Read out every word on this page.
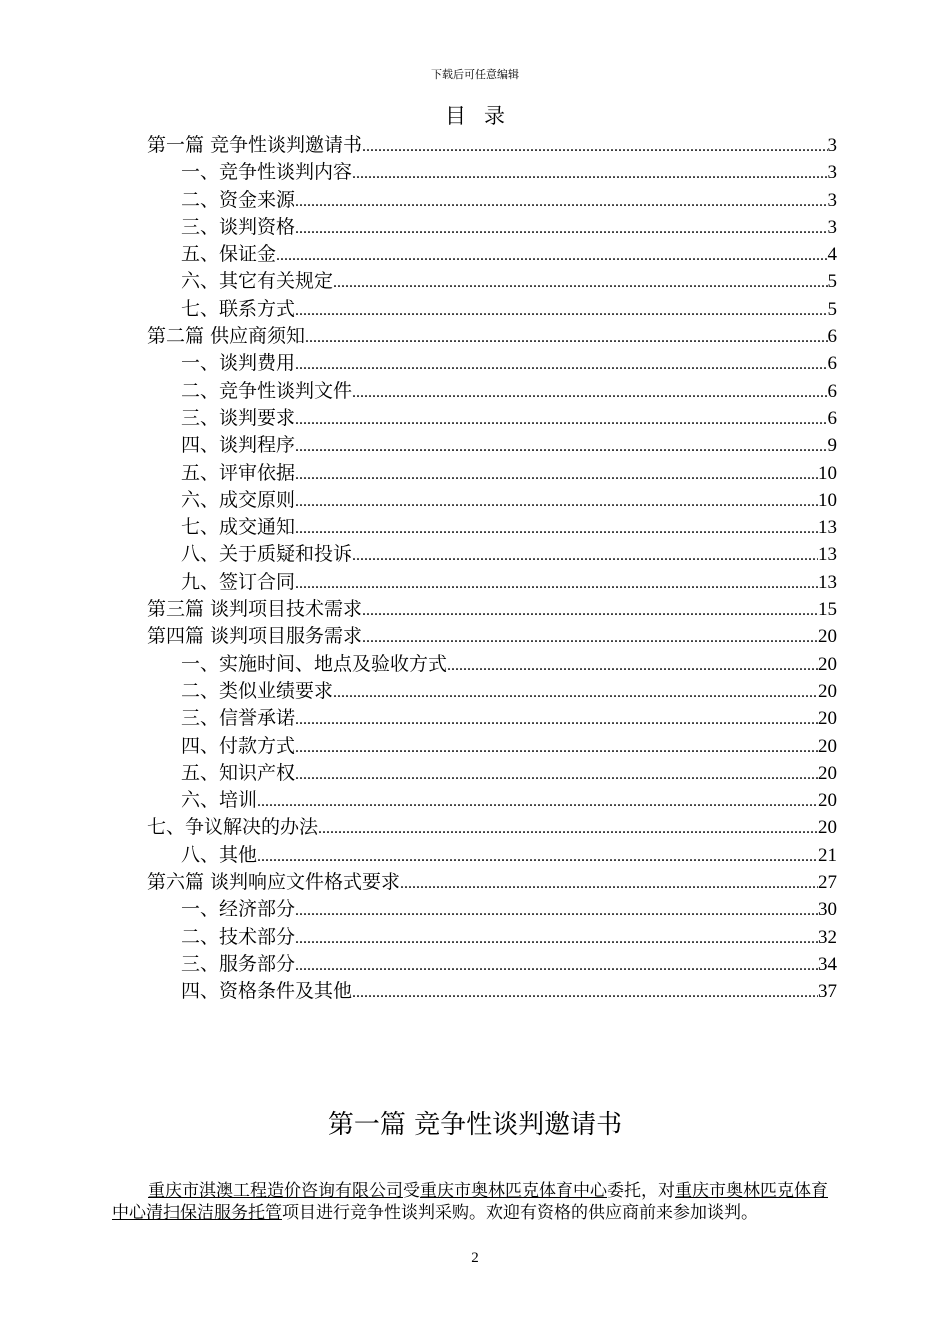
下载后可任意编辑
目录
第一篇 竞争性谈判邀请书 .....	3
一、竞争性谈判内容 .....	3
二、资金来源 .....	3
三、谈判资格 .....	3
五、保证金 .....	4
六、其它有关规定 .....	5
七、联系方式 .....	5
第二篇 供应商须知 .....	6
一、谈判费用 .....	6
二、竞争性谈判文件 .....	6
三、谈判要求 .....	6
四、谈判程序 .....	9
五、评审依据 .....	10
六、成交原则 .....	10
七、成交通知 .....	13
八、关于质疑和投诉 .....	13
九、签订合同 .....	13
第三篇 谈判项目技术需求 .....	15
第四篇 谈判项目服务需求 .....	20
一、实施时间、地点及验收方式 .....	20
二、类似业绩要求 .....	20
三、信誉承诺 .....	20
四、付款方式 .....	20
五、知识产权 .....	20
六、培训 .....	20
七、争议解决的办法 .....	20
八、其他 .....	21
第六篇 谈判响应文件格式要求 .....	27
一、经济部分 .....	30
二、技术部分 .....	32
三、服务部分 .....	34
四、资格条件及其他 .....	37
第一篇 竞争性谈判邀请书
重庆市淇澳工程造价咨询有限公司受重庆市奥林匹克体育中心委托，对重庆市奥林匹克体育中心清扫保洁服务托管项目进行竞争性谈判采购。欢迎有资格的供应商前来参加谈判。
2
